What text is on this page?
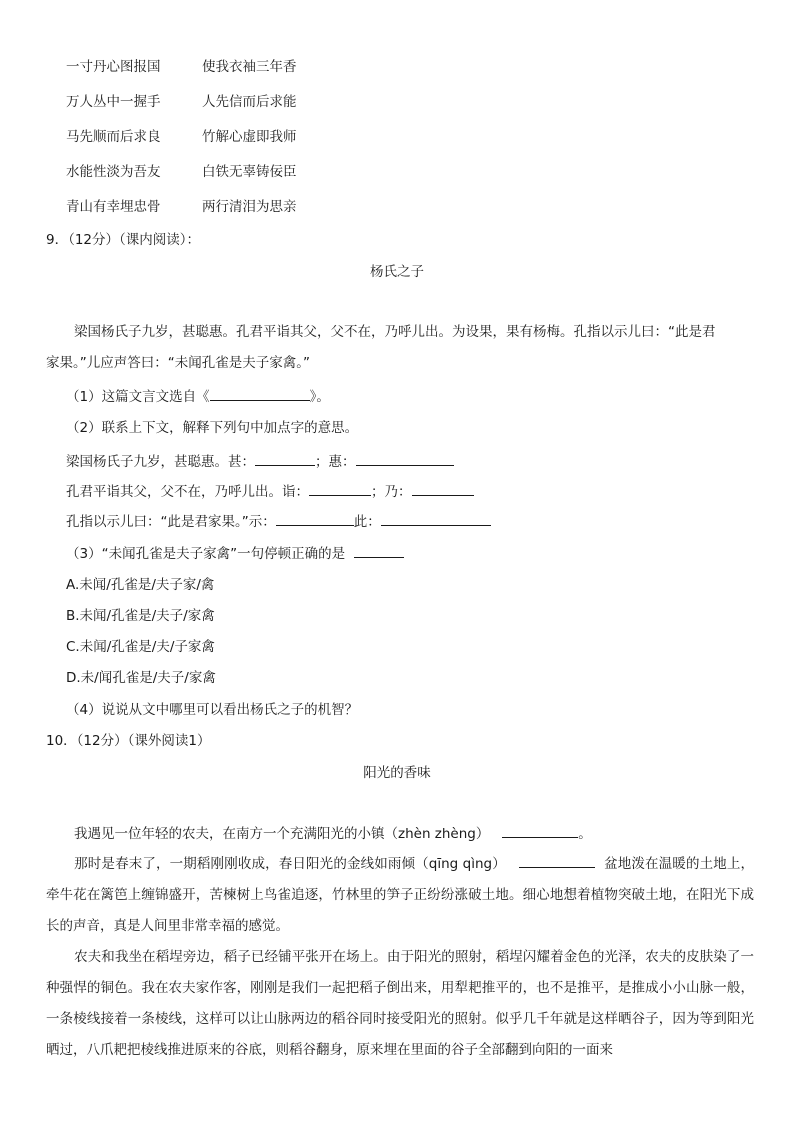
一寸丹心图报国	使我衣袖三年香
万人丛中一握手	人先信而后求能
马先顺而后求良	竹解心虚即我师
水能性淡为吾友	白铁无辜铸佞臣
青山有幸埋忠骨	两行清泪为思亲
9．（12分）（课内阅读）：
杨氏之子
梁国杨氏子九岁，甚聪惠。孔君平诣其父，父不在，乃呼儿出。为设果，果有杨梅。孔指以示儿曰：“此是君
家果。”儿应声答曰：“未闻孔雀是夫子家禽。”
（1）这篇文言文选自《	》。
（2）联系上下文，解释下列句中加点字的意思。
梁国杨氏子九岁，甚聪惠。甚：	；惠：
孔君平诣其父，父不在，乃呼儿出。诣：	；乃：
孔指以示儿曰：“此是君家果。”示：	此：
（3）“未闻孔雀是夫子家禽”一句停顿正确的是
A.未闻/孔雀是/夫子家/禽
B.未闻/孔雀是/夫子/家禽
C.未闻/孔雀是/夫/子家禽
D.未/闻孔雀是/夫子/家禽
（4）说说从文中哪里可以看出杨氏之子的机智？
10．（12分）（课外阅读1）
阳光的香味
我遇见一位年轻的农夫，在南方一个充满阳光的小镇（zhèn zhèng）	。
那时是春末了，一期稻刚刚收成，春日阳光的金线如雨倾（qīng qìng）	盆地泼在温暖的土地上，牵牛花在篱笆上缠锦盛开，苦楝树上鸟雀追逐，竹林里的笋子正纷纷涨破土地。细心地想着植物突破土地，在阳光下成长的声音，真是人间里非常幸福的感觉。
农夫和我坐在稻埕旁边，稻子已经铺平张开在场上。由于阳光的照射，稻埕闪耀着金色的光泽，农夫的皮肤染了一种强悍的铜色。我在农夫家作客，刚刚是我们一起把稻子倒出来，用犁耙推平的，也不是推平，是推成小小山脉一般，一条棱线接着一条棱线，这样可以让山脉两边的稻谷同时接受阳光的照射。似乎几千年就是这样晒谷子，因为等到阳光晒过，八爪耙把棱线推进原来的谷底，则稻谷翻身，原来埋在里面的谷子全部翻到向阳的一面来
